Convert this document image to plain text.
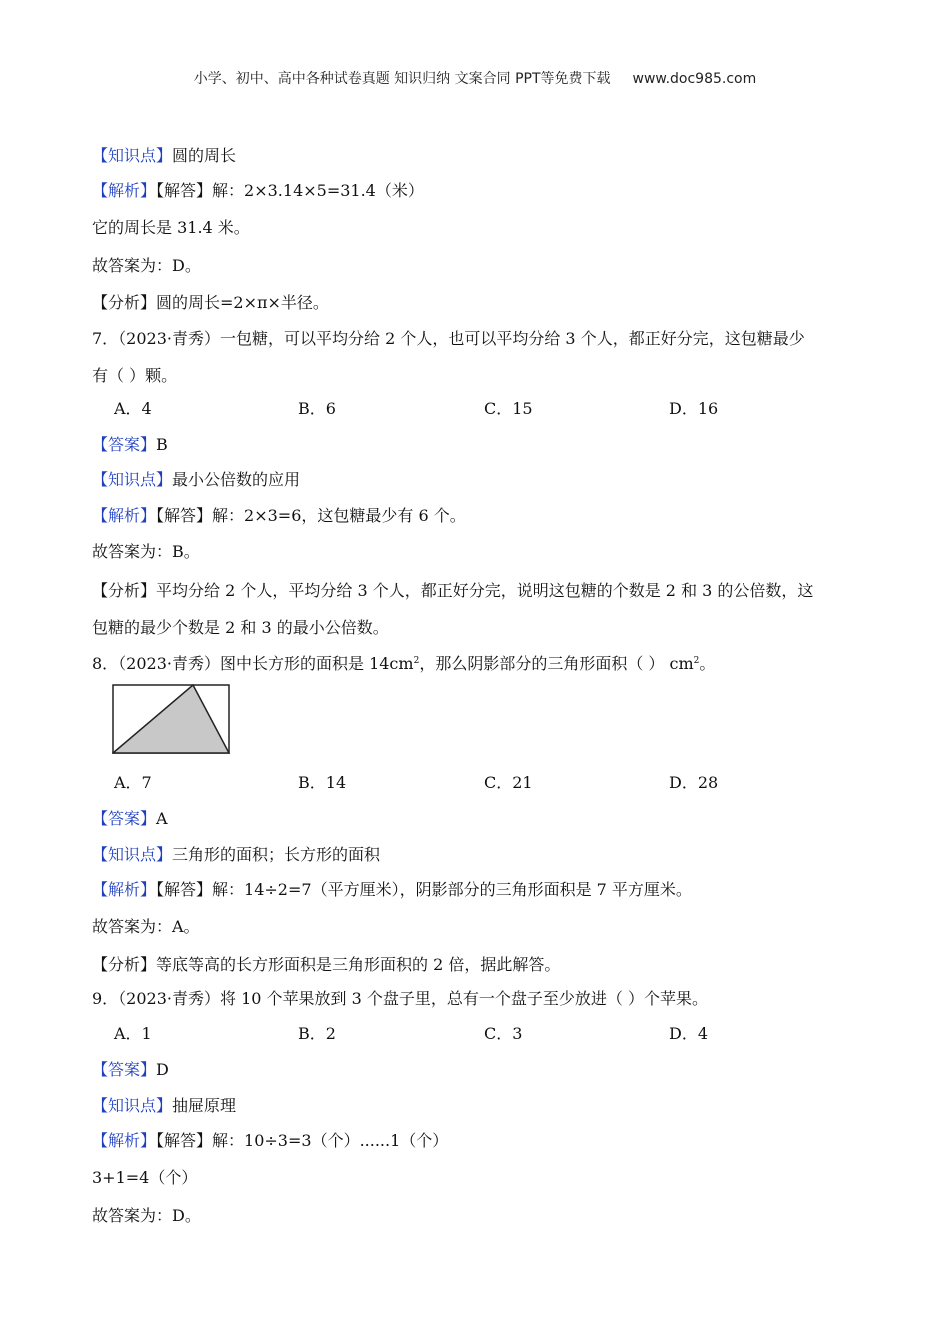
小学、初中、高中各种试卷真题 知识归纳 文案合同 PPT等免费下载 www.doc985.com
【知识点】圆的周长
【解析】【解答】解：2×3.14×5=31.4（米）
它的周长是 31.4 米。
故答案为：D。
【分析】圆的周长=2×π×半径。
7．（2023·青秀）一包糖，可以平均分给 2 个人，也可以平均分给 3 个人，都正好分完，这包糖最少
有（ ）颗。
A．4	B．6	C．15	D．16
【答案】B
【知识点】最小公倍数的应用
【解析】【解答】解：2×3=6，这包糖最少有 6 个。
故答案为：B。
【分析】平均分给 2 个人，平均分给 3 个人，都正好分完，说明这包糖的个数是 2 和 3 的公倍数，这
包糖的最少个数是 2 和 3 的最小公倍数。
8．（2023·青秀）图中长方形的面积是 $14cm^2$，那么阴影部分的三角形面积（ ） $cm^2$。
A．7	B．14	C．21	D．28
【答案】A
【知识点】三角形的面积；长方形的面积
【解析】【解答】解：14÷2=7（平方厘米），阴影部分的三角形面积是 7 平方厘米。
故答案为：A。
【分析】等底等高的长方形面积是三角形面积的 2 倍，据此解答。
9．（2023·青秀）将 10 个苹果放到 3 个盘子里，总有一个盘子至少放进（ ）个苹果。
A．1	B．2	C．3	D．4
【答案】D
【知识点】抽屉原理
【解析】【解答】解：10÷3=3（个）......1（个）
3+1=4（个）
故答案为：D。
